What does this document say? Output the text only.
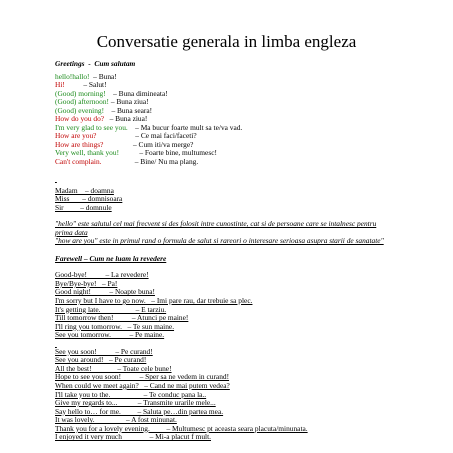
Conversatie generala in limba engleza
Greetings  -  Cum salutam
hello!hallo!  – Buna!
Hi!          – Salut!
(Good) morning!    – Buna dimineata!
(Good) afternoon! – Buna ziua!
(Good) evening!    – Buna seara!
How do you do?   – Buna ziua!
I'm very glad to see you.    – Ma bucur foarte mult sa te/va vad.
How are you?                     – Ce mai faci/faceti?
How are things?                – Cum iti/va merge?
Very well, thank you!           – Foarte bine, multumesc!
Can't complain.                  – Bine/ Nu ma plang.

Madam    – doamna
Miss       – domnisoara
Sir         – domnule
"hello" este salutul cel mai frecvent si des folosit intre cunostinte, cat si de persoane care se intalnesc pentru prima data
"how are you" este in primul rand o formula de salut si rareori o interesare serioasa asupra starii de sanatate"
Farewell – Cum ne luam la revedere
Good-bye!          – La revedere!
Bye/Bye-bye!   – Pa!
Good night!          – Noapte buna!
I'm sorry but I have to go now.   – Imi pare rau, dar trebuie sa plec.
It's getting late.                   – E tarziu.
Till tomorrow then!          – Atunci pe maine!
I'll ring you tomorrow.   – Te sun maine.
See you tomorrow.          – Pe maine.

See you soon!          – Pe curand!
See you around!   – Pe curand!
All the best!              – Toate cele bune!
Hope to see you soon!          – Sper sa ne vedem in curand!
When could we meet again?   – Cand ne mai putem vedea?
I'll take you to the.                  – Te conduc pana la..
Give my regards to...           – Transmite urarile mele...
Say hello to… for me.         – Saluta pe…din partea mea.
It was lovely.                 – A fost minunat.
Thank you for a lovely evening.         – Multumesc pt aceasta seara placuta/minunata.
I enjoyed it very much               – Mi-a placut f mult.
